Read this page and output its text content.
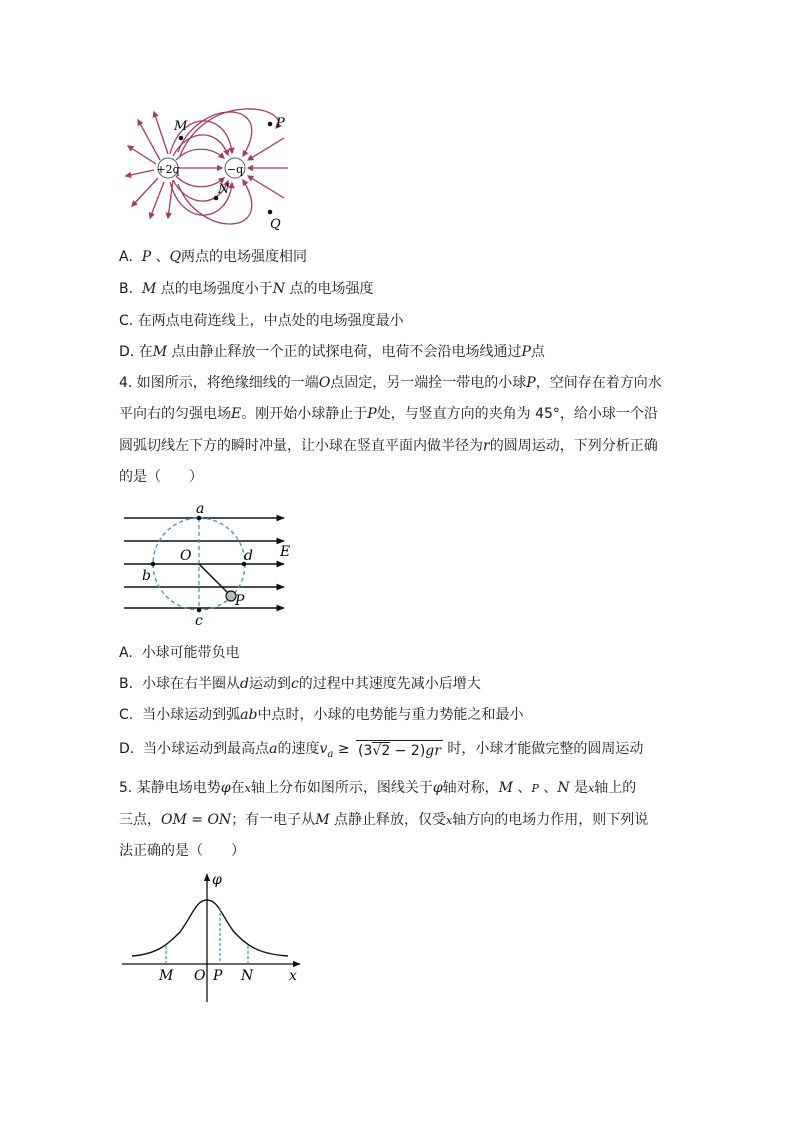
+2q	−q
M
N
P
Q
A. P 、Q两点的电场强度相同
B. M 点的电场强度小于N 点的电场强度
C. 在两点电荷连线上，中点处的电场强度最小
D. 在M 点由静止释放一个正的试探电荷，电荷不会沿电场线通过P点
4. 如图所示，将绝缘细线的一端O点固定，另一端拴一带电的小球P，空间存在着方向水
平向右的匀强电场E。刚开始小球静止于P处，与竖直方向的夹角为 45°，给小球一个沿
圆弧切线左下方的瞬时冲量，让小球在竖直平面内做半径为r的圆周运动，下列分析正确
的是（　　）
a
b
c
d
O
P
E
A. 小球可能带负电
B. 小球在右半圈从d运动到c的过程中其速度先减小后增大
C. 当小球运动到弧ab中点时，小球的电势能与重力势能之和最小
D. 当小球运动到最高点a的速度$v_a \ge (3√2 - 2)gr$ 时，小球才能做完整的圆周运动
5. 某静电场电势φ在x轴上分布如图所示，图线关于φ轴对称，M 、P 、N 是x轴上的
三点，OM = ON；有一电子从M 点静止释放，仅受x轴方向的电场力作用，则下列说
法正确的是（　　）
φ
x
M O P N
